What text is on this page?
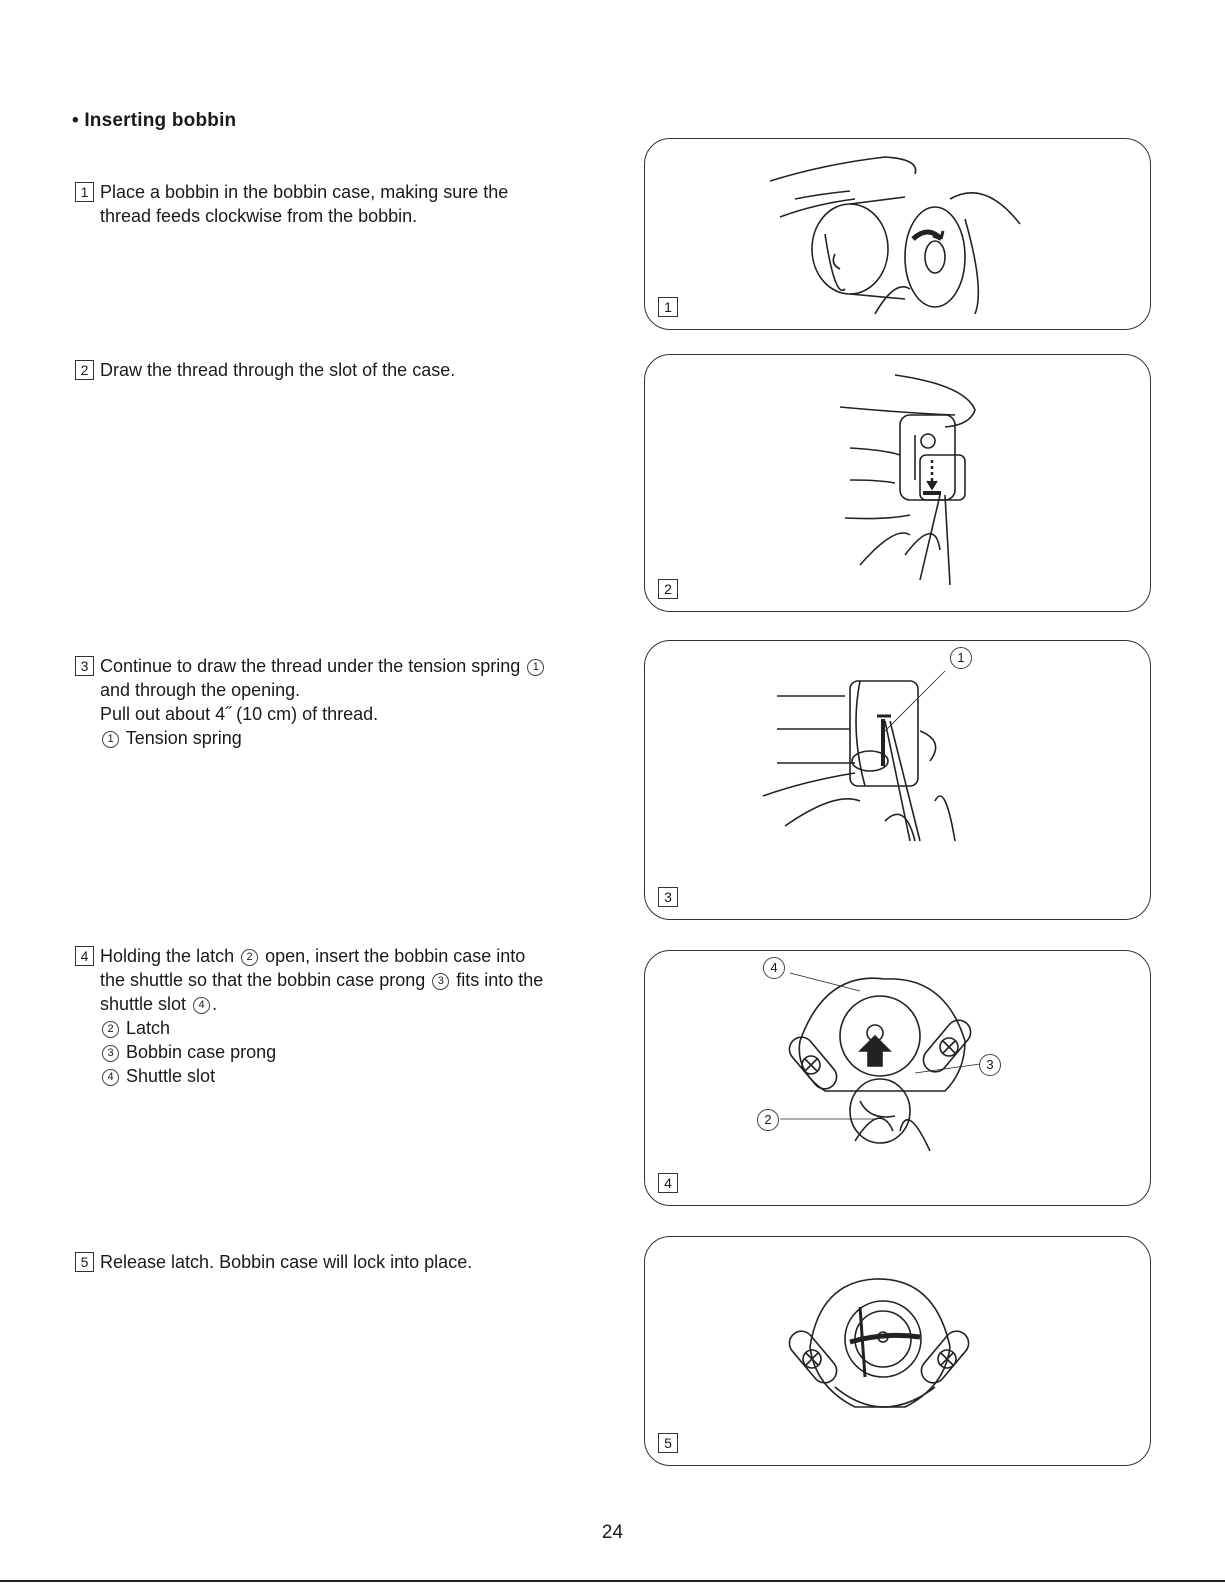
• Inserting bobbin
1 Place a bobbin in the bobbin case, making sure the
thread feeds clockwise from the bobbin.
2 Draw the thread through the slot of the case.
3 Continue to draw the thread under the tension spring 1
and through the opening.
Pull out about 4˝ (10 cm) of thread.
1 Tension spring
4 Holding the latch 2 open, insert the bobbin case into
the shuttle so that the bobbin case prong 3 fits into the
shuttle slot 4 .
2 Latch
3 Bobbin case prong
4 Shuttle slot
5 Release latch. Bobbin case will lock into place.
1
2
1
3
4
3
2
4
5
24
